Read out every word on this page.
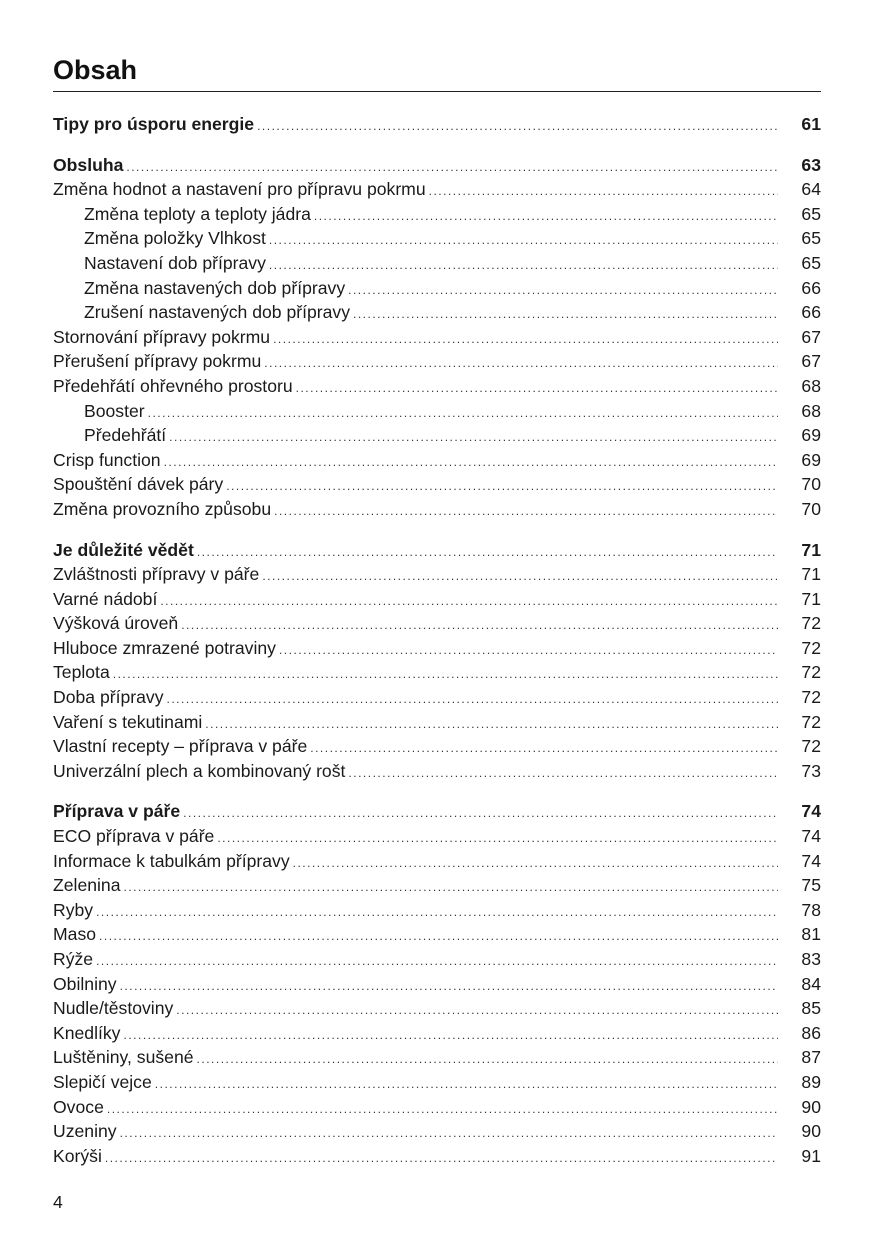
Obsah
Tipy pro úsporu energie .....	61
Obsluha .....	63
Změna hodnot a nastavení pro přípravu pokrmu .....	64
Změna teploty a teploty jádra .....	65
Změna položky Vlhkost .....	65
Nastavení dob přípravy .....	65
Změna nastavených dob přípravy .....	66
Zrušení nastavených dob přípravy .....	66
Stornování přípravy pokrmu .....	67
Přerušení přípravy pokrmu .....	67
Předehřátí ohřevného prostoru .....	68
Booster .....	68
Předehřátí .....	69
Crisp function .....	69
Spouštění dávek páry .....	70
Změna provozního způsobu .....	70
Je důležité vědět .....	71
Zvláštnosti přípravy v páře .....	71
Varné nádobí .....	71
Výšková úroveň .....	72
Hluboce zmrazené potraviny .....	72
Teplota .....	72
Doba přípravy .....	72
Vaření s tekutinami .....	72
Vlastní recepty – příprava v páře .....	72
Univerzální plech a kombinovaný rošt .....	73
Příprava v páře .....	74
ECO příprava v páře .....	74
Informace k tabulkám přípravy .....	74
Zelenina .....	75
Ryby .....	78
Maso .....	81
Rýže .....	83
Obilniny .....	84
Nudle/těstoviny .....	85
Knedlíky .....	86
Luštěniny, sušené .....	87
Slepičí vejce .....	89
Ovoce .....	90
Uzeniny .....	90
Korýši .....	91
4
